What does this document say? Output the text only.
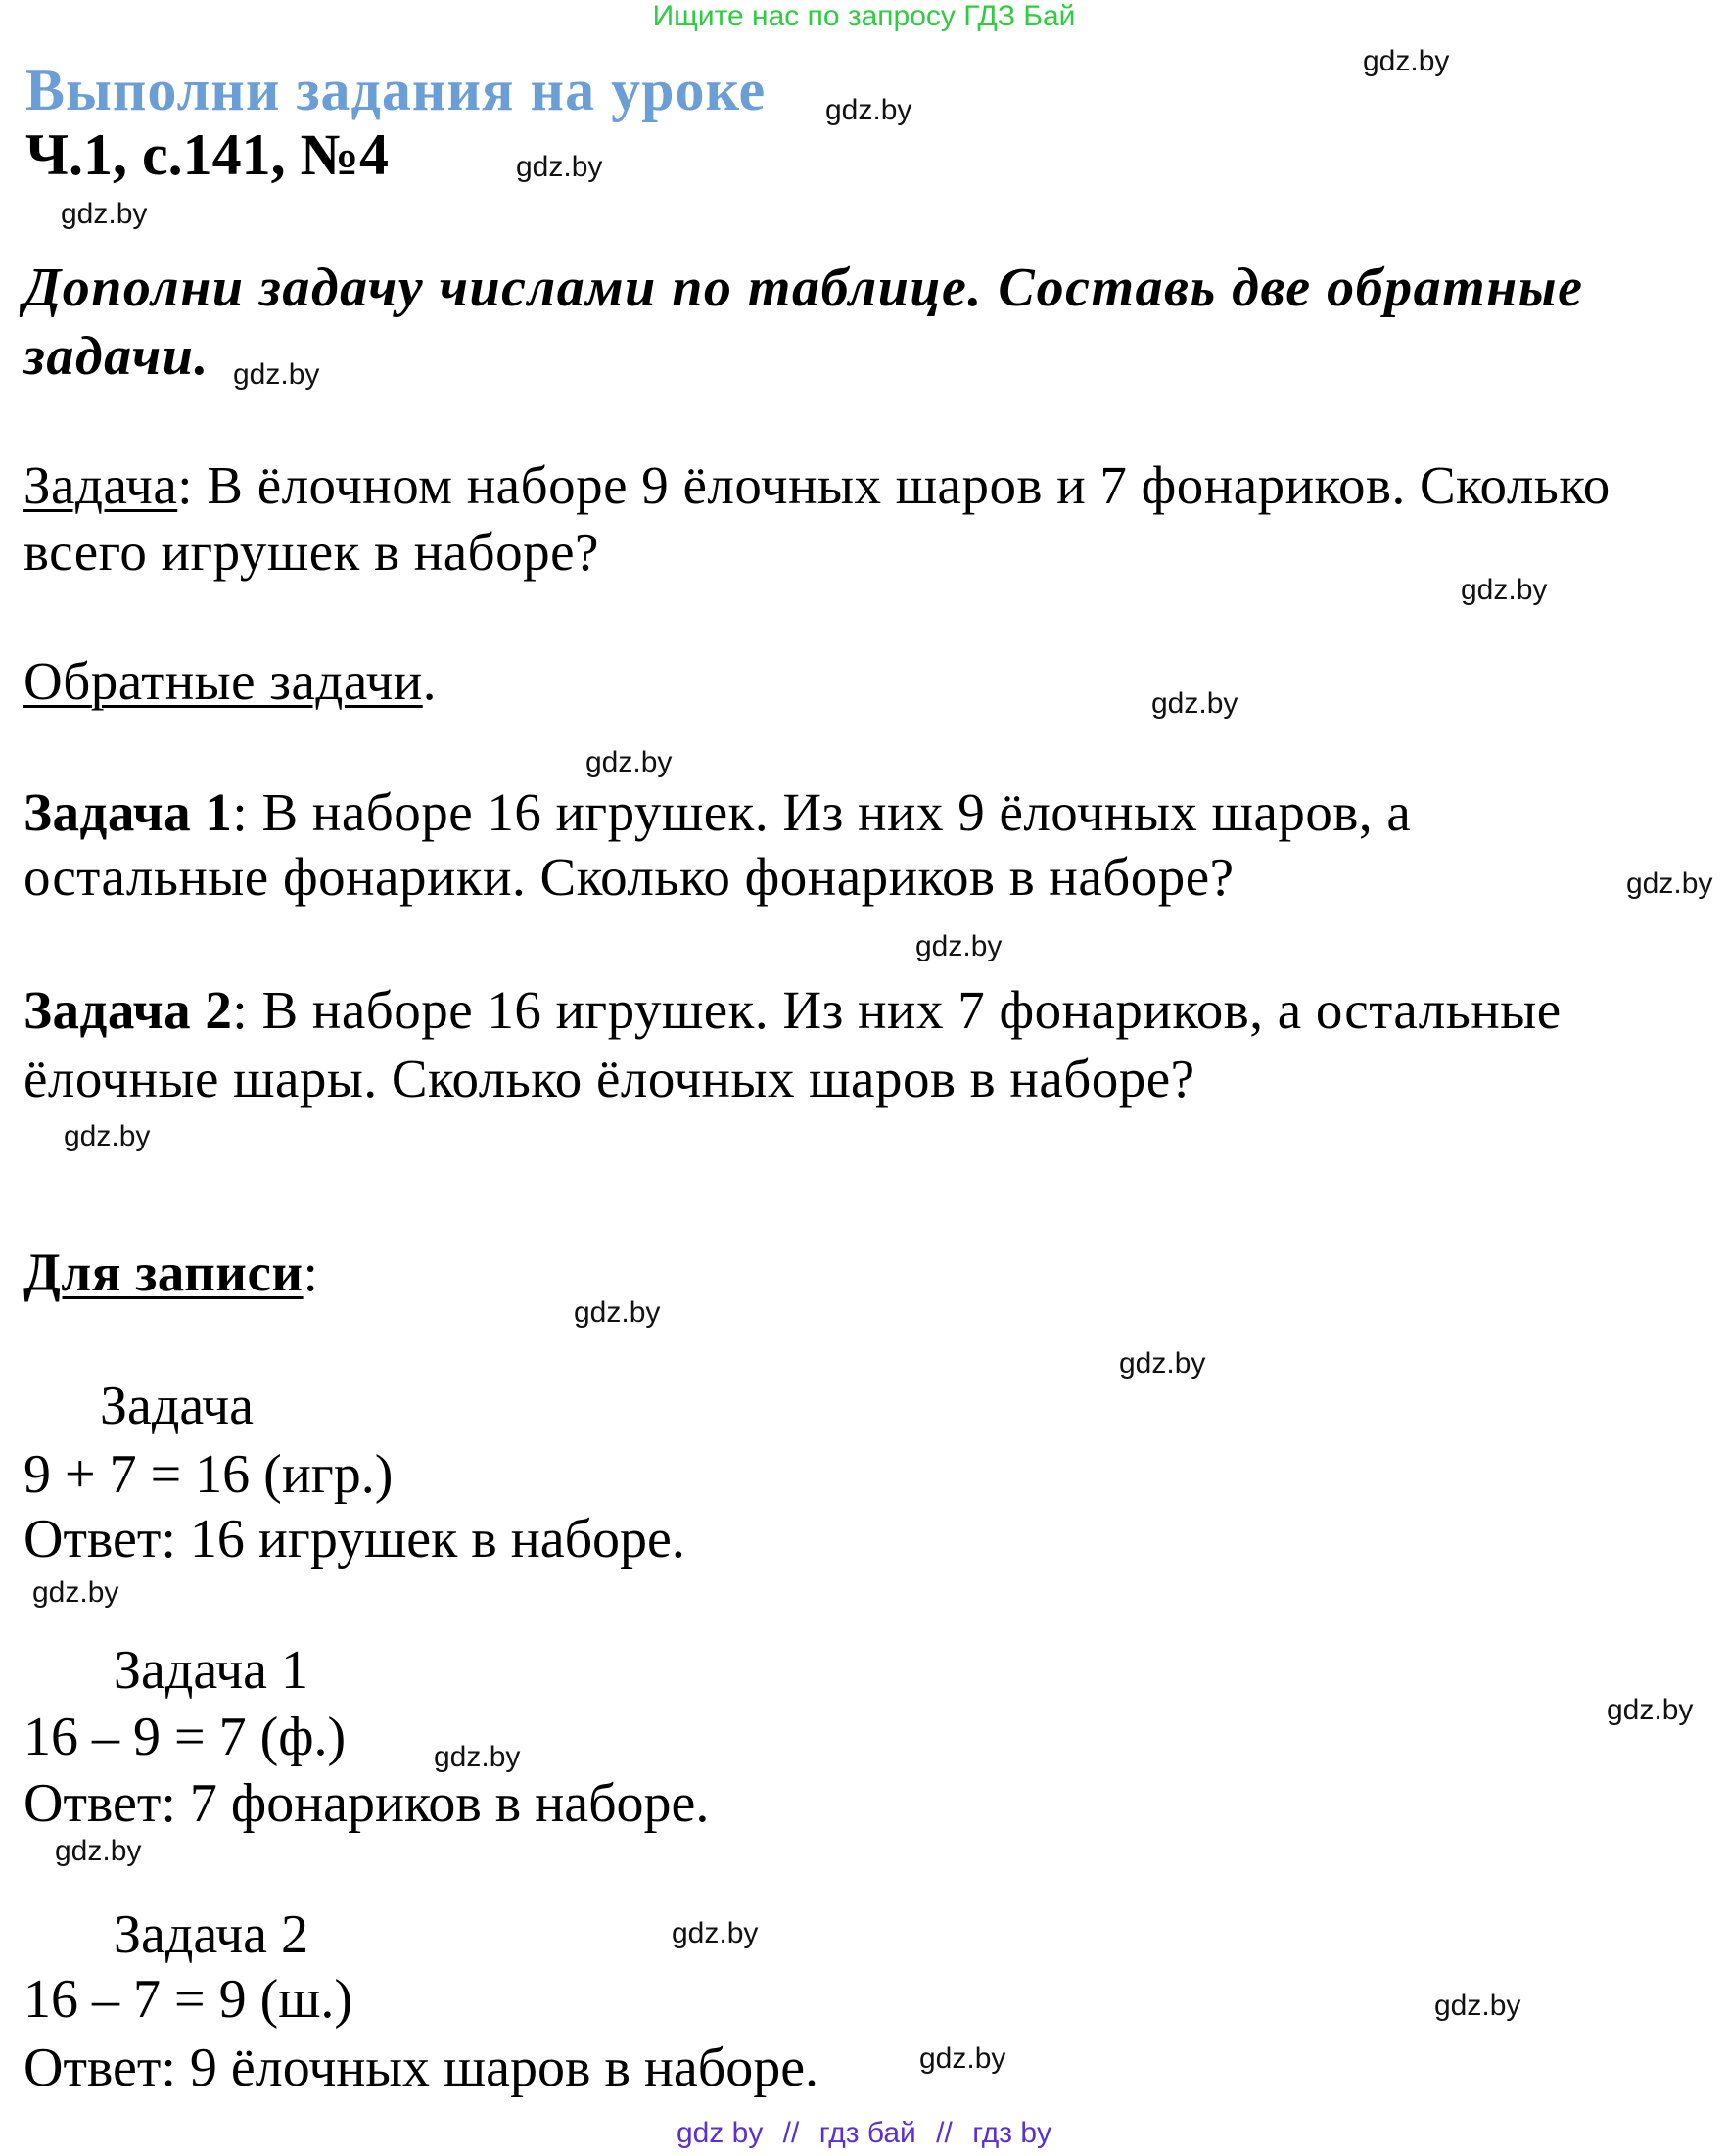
Ищите нас по запросу ГДЗ Бай
Выполни задания на уроке
Ч.1, с.141, №4
Дополни задачу числами по таблице. Составь две обратные
задачи.
Задача: В ёлочном наборе 9 ёлочных шаров и 7 фонариков. Сколько
всего игрушек в наборе?
Обратные задачи.
Задача 1: В наборе 16 игрушек. Из них 9 ёлочных шаров, а
остальные фонарики. Сколько фонариков в наборе?
Задача 2: В наборе 16 игрушек. Из них 7 фонариков, а остальные
ёлочные шары. Сколько ёлочных шаров в наборе?
Для записи:
Задача
9 + 7 = 16 (игр.)
Ответ: 16 игрушек в наборе.
Задача 1
16 – 9 = 7 (ф.)
Ответ: 7 фонариков в наборе.
Задача 2
16 – 7 = 9 (ш.)
Ответ: 9 ёлочных шаров в наборе.
gdz.by
gdz.by
gdz.by
gdz.by
gdz.by
gdz.by
gdz.by
gdz.by
gdz.by
gdz.by
gdz.by
gdz.by
gdz.by
gdz.by
gdz.by
gdz.by
gdz.by
gdz.by
gdz.by
gdz.by
gdz by // гдз бай // гдз by
